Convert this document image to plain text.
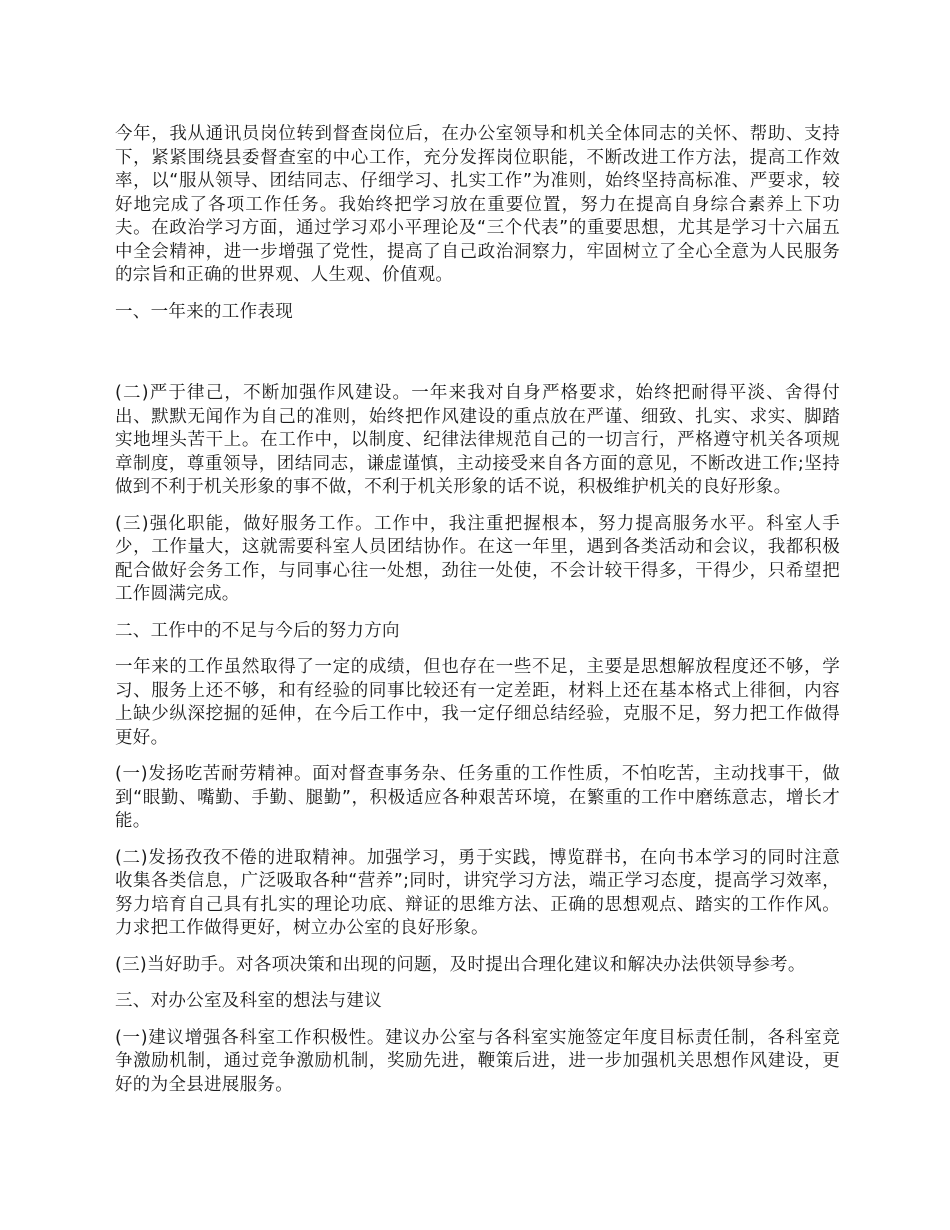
今年，我从通讯员岗位转到督查岗位后，在办公室领导和机关全体同志的关怀、帮助、支持下，紧紧围绕县委督查室的中心工作，充分发挥岗位职能，不断改进工作方法，提高工作效率，以“服从领导、团结同志、仔细学习、扎实工作”为准则，始终坚持高标准、严要求，较好地完成了各项工作任务。我始终把学习放在重要位置，努力在提高自身综合素养上下功夫。在政治学习方面，通过学习邓小平理论及“三个代表”的重要思想，尤其是学习十六届五中全会精神，进一步增强了党性，提高了自己政治洞察力，牢固树立了全心全意为人民服务的宗旨和正确的世界观、人生观、价值观。

一、一年来的工作表现

(二)严于律己，不断加强作风建设。一年来我对自身严格要求，始终把耐得平淡、舍得付出、默默无闻作为自己的准则，始终把作风建设的重点放在严谨、细致、扎实、求实、脚踏实地埋头苦干上。在工作中，以制度、纪律法律规范自己的一切言行，严格遵守机关各项规章制度，尊重领导，团结同志，谦虚谨慎，主动接受来自各方面的意见，不断改进工作;坚持做到不利于机关形象的事不做，不利于机关形象的话不说，积极维护机关的良好形象。

(三)强化职能，做好服务工作。工作中，我注重把握根本，努力提高服务水平。科室人手少，工作量大，这就需要科室人员团结协作。在这一年里，遇到各类活动和会议，我都积极配合做好会务工作，与同事心往一处想，劲往一处使，不会计较干得多，干得少，只希望把工作圆满完成。

二、工作中的不足与今后的努力方向

一年来的工作虽然取得了一定的成绩，但也存在一些不足，主要是思想解放程度还不够，学习、服务上还不够，和有经验的同事比较还有一定差距，材料上还在基本格式上徘徊，内容上缺少纵深挖掘的延伸，在今后工作中，我一定仔细总结经验，克服不足，努力把工作做得更好。

(一)发扬吃苦耐劳精神。面对督查事务杂、任务重的工作性质，不怕吃苦，主动找事干，做到“眼勤、嘴勤、手勤、腿勤”，积极适应各种艰苦环境，在繁重的工作中磨练意志，增长才能。

(二)发扬孜孜不倦的进取精神。加强学习，勇于实践，博览群书，在向书本学习的同时注意收集各类信息，广泛吸取各种“营养”;同时，讲究学习方法，端正学习态度，提高学习效率，努力培育自己具有扎实的理论功底、辩证的思维方法、正确的思想观点、踏实的工作作风。力求把工作做得更好，树立办公室的良好形象。

(三)当好助手。对各项决策和出现的问题，及时提出合理化建议和解决办法供领导参考。

三、对办公室及科室的想法与建议

(一)建议增强各科室工作积极性。建议办公室与各科室实施签定年度目标责任制，各科室竞争激励机制，通过竞争激励机制，奖励先进，鞭策后进，进一步加强机关思想作风建设，更好的为全县进展服务。
